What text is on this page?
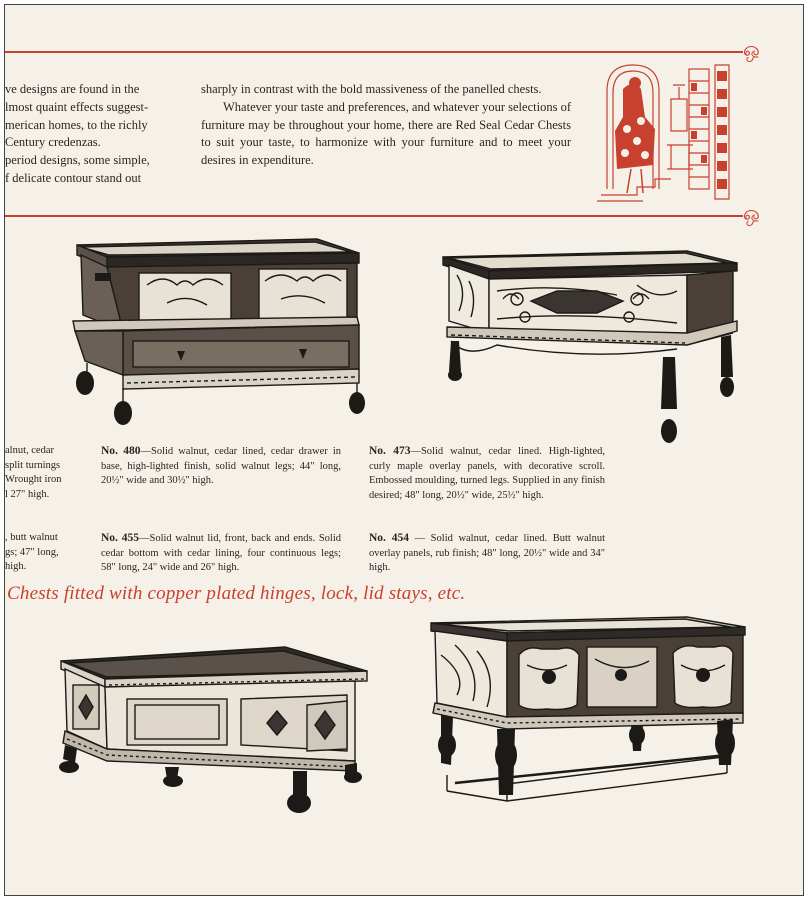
ஒ
ve designs are found in the
lmost quaint effects suggest-
merican homes, to the richly
Century credenzas.
period designs, some simple,
f delicate contour stand out

sharply in contrast with the bold massiveness of the panelled chests.

Whatever your taste and preferences, and whatever your selections of furniture may be throughout your home, there are Red Seal Cedar Chests to suit your taste, to harmonize with your furniture and to meet your desires in expenditure.

ஒ
alnut, cedar
split turnings
Wrought iron
l 27" high.
No. 480—Solid walnut, cedar lined, cedar drawer in base, high-lighted finish, solid walnut legs; 44" long, 20½" wide and 30½" high.
No. 473—Solid walnut, cedar lined. High-lighted, curly maple overlay panels, with decorative scroll. Embossed moulding, turned legs. Supplied in any finish desired; 48" long, 20½" wide, 25½" high.
, butt walnut
gs; 47" long,
high.
No. 455—Solid walnut lid, front, back and ends. Solid cedar bottom with cedar lining, four continuous legs; 58" long, 24" wide and 26" high.
No. 454 — Solid walnut, cedar lined. Butt walnut overlay panels, rub finish; 48" long, 20½" wide and 34" high.
Chests fitted with copper plated hinges, lock, lid stays, etc.
